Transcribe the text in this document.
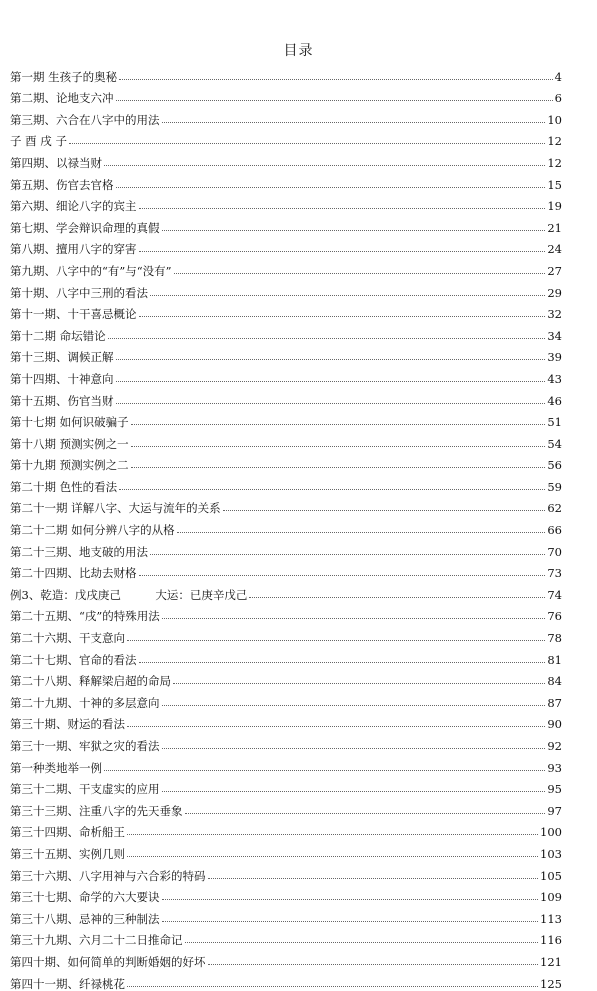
目录
第一期 生孩子的奥秘	4
第二期、论地支六冲	6
第三期、六合在八字中的用法	10
子 酉 戌 子	12
第四期、以禄当财	12
第五期、伤官去官格	15
第六期、细论八字的宾主	19
第七期、学会辩识命理的真假	21
第八期、擅用八字的穿害	24
第九期、八字中的“有”与“没有”	27
第十期、八字中三刑的看法	29
第十一期、十干喜忌概论	32
第十二期 命坛错论	34
第十三期、调候正解	39
第十四期、十神意向	43
第十五期、伤官当财	46
第十七期 如何识破骗子	51
第十八期 预测实例之一	54
第十九期 预测实例之二	56
第二十期 色性的看法	59
第二十一期 详解八字、大运与流年的关系	62
第二十二期 如何分辨八字的从格	66
第二十三期、地支破的用法	70
第二十四期、比劫去财格	73
例3、乾造：戊戌庚己　　　大运：已庚辛戊己	74
第二十五期、“戌”的特殊用法	76
第二十六期、干支意向	78
第二十七期、官命的看法	81
第二十八期、释解梁启超的命局	84
第二十九期、十神的多层意向	87
第三十期、财运的看法	90
第三十一期、牢狱之灾的看法	92
第一种类地举一例	93
第三十二期、干支虚实的应用	95
第三十三期、注重八字的先天垂象	97
第三十四期、命析船王	100
第三十五期、实例几则	103
第三十六期、八字用神与六合彩的特码	105
第三十七期、命学的六大要诀	109
第三十八期、忌神的三种制法	113
第三十九期、六月二十二日推命记	116
第四十期、如何简单的判断婚姻的好坏	121
第四十一期、纤禄桃花	125
